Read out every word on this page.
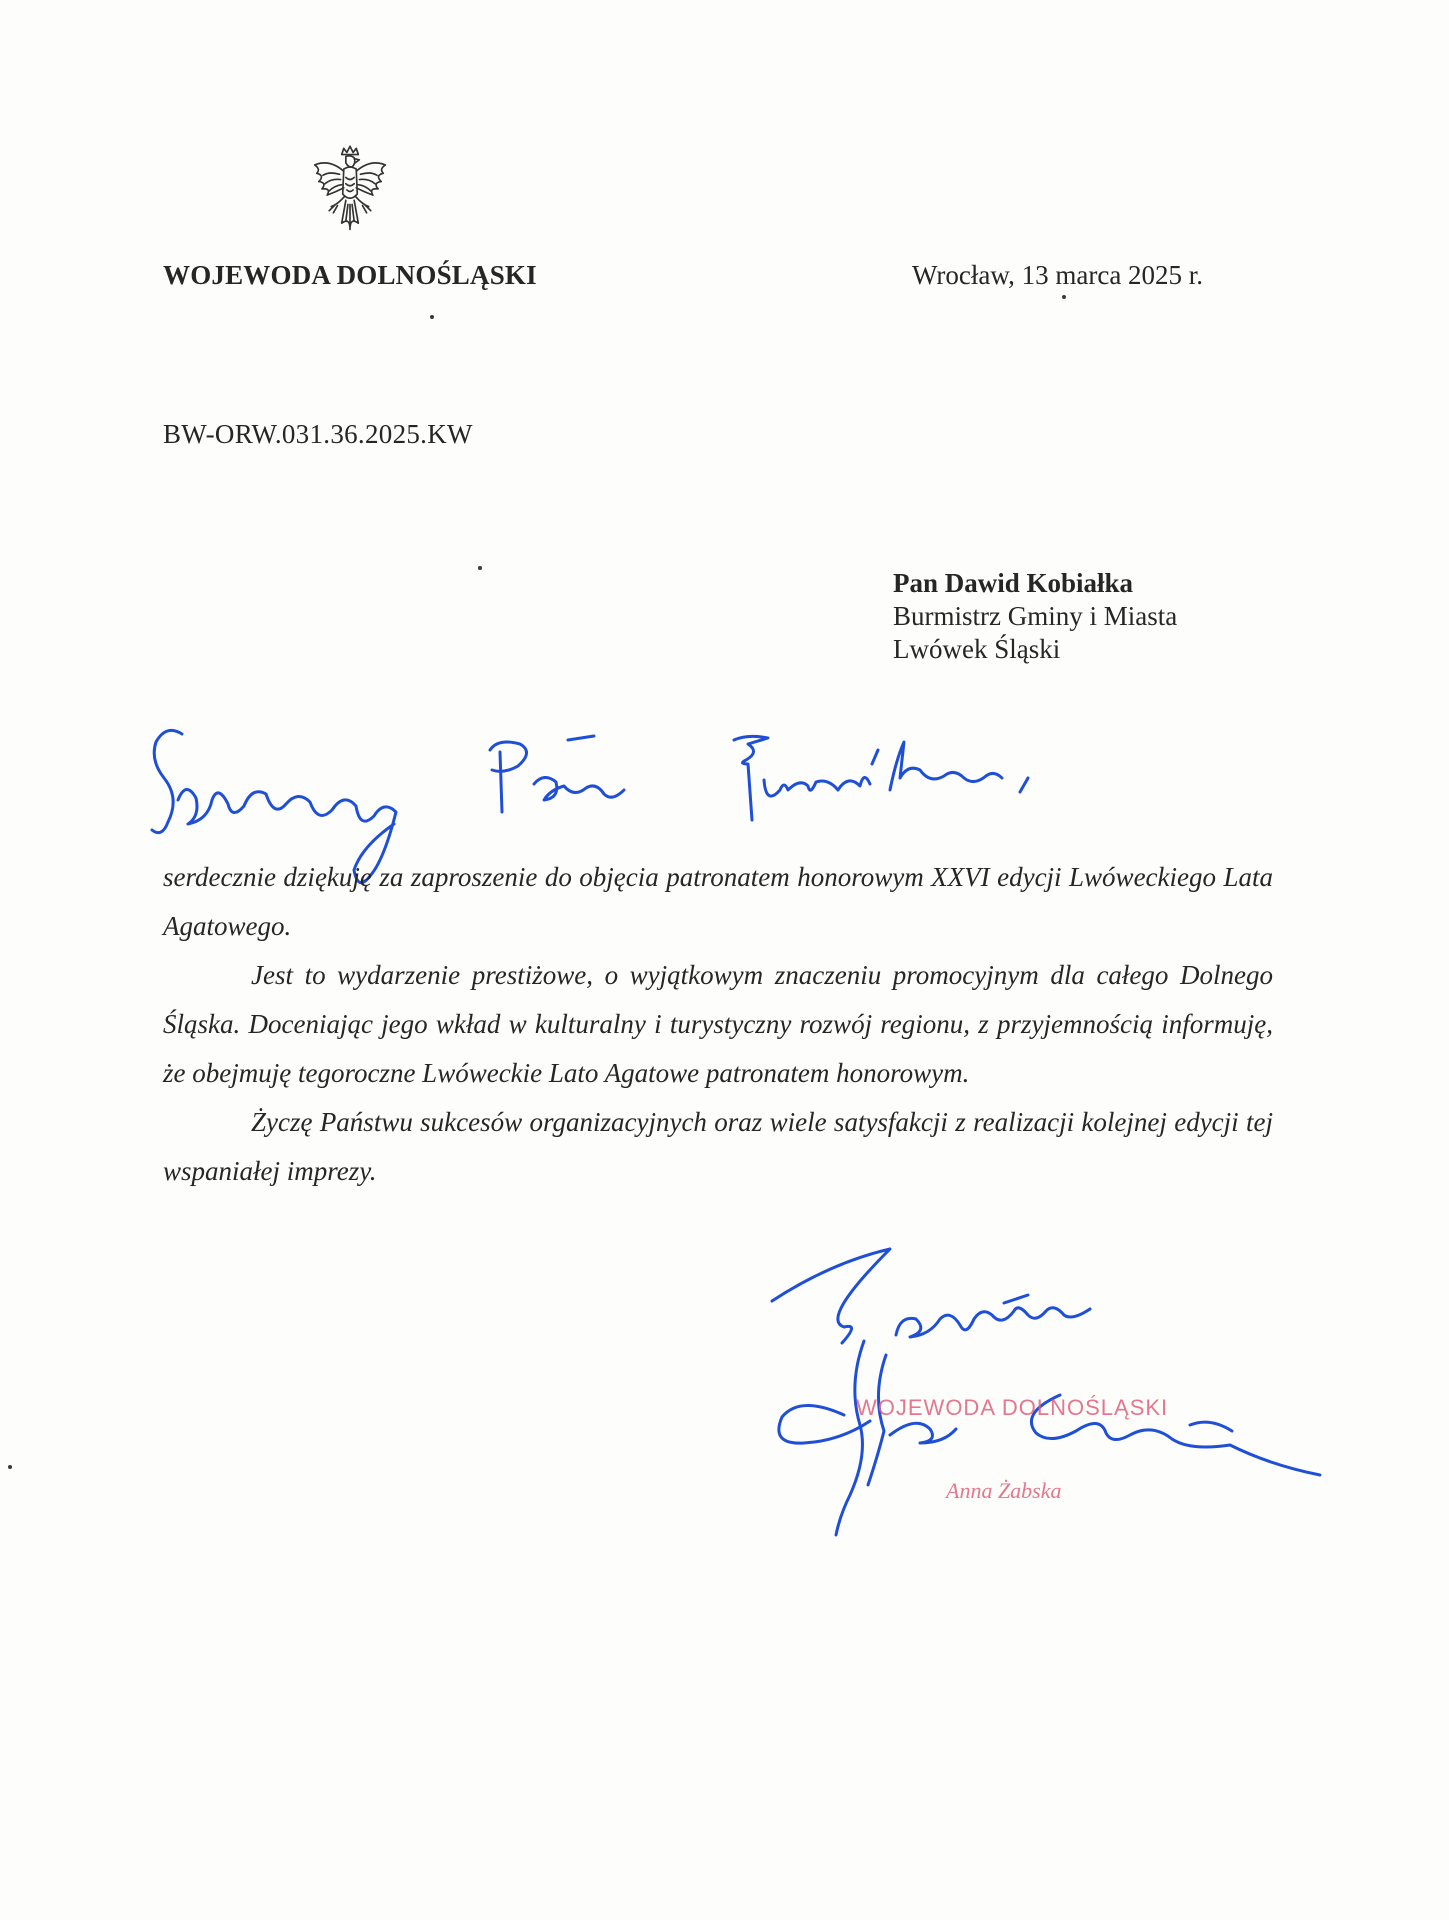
WOJEWODA DOLNOŚLĄSKI	Wrocław, 13 marca 2025 r.
BW-ORW.031.36.2025.KW
Pan Dawid Kobiałka
Burmistrz Gminy i Miasta
Lwówek Śląski

serdecznie dziękuję za zaproszenie do objęcia patronatem honorowym XXVI edycji Lwóweckiego Lata Agatowego.

Jest to wydarzenie prestiżowe, o wyjątkowym znaczeniu promocyjnym dla całego Dolnego Śląska. Doceniając jego wkład w kulturalny i turystyczny rozwój regionu, z przyjemnością informuję, że obejmuję tegoroczne Lwóweckie Lato Agatowe patronatem honorowym.

Życzę Państwu sukcesów organizacyjnych oraz wiele satysfakcji z realizacji kolejnej edycji tej wspaniałej imprezy.

WOJEWODA DOLNOŚLĄSKI
Anna Żabska
